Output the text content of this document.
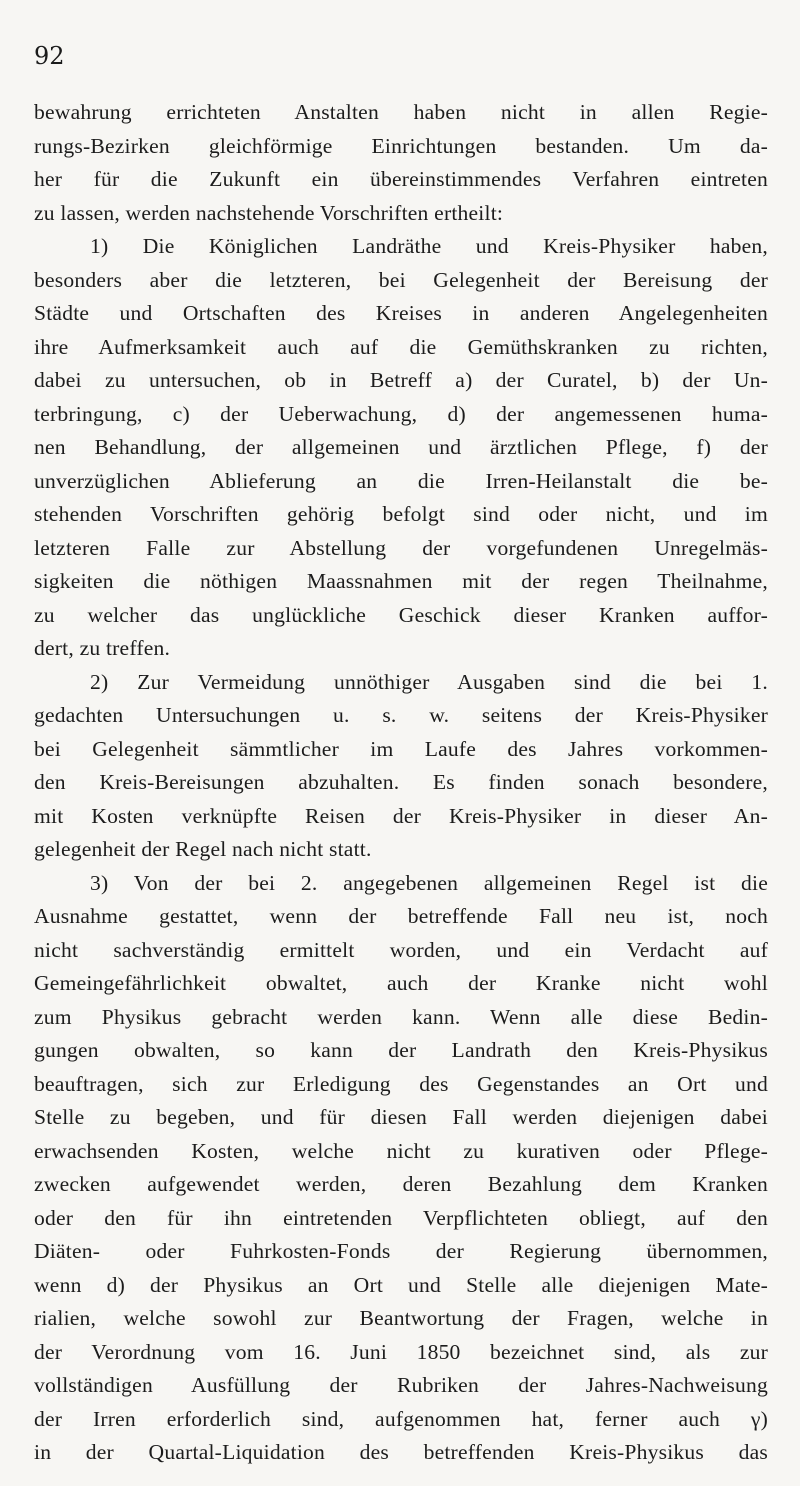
92
bewahrung errichteten Anstalten haben nicht in allen Regie-
rungs-Bezirken gleichförmige Einrichtungen bestanden. Um da-
her für die Zukunft ein übereinstimmendes Verfahren eintreten
zu lassen, werden nachstehende Vorschriften ertheilt:
1) Die Königlichen Landräthe und Kreis-Physiker haben,
besonders aber die letzteren, bei Gelegenheit der Bereisung der
Städte und Ortschaften des Kreises in anderen Angelegenheiten
ihre Aufmerksamkeit auch auf die Gemüthskranken zu richten,
dabei zu untersuchen, ob in Betreff a) der Curatel, b) der Un-
terbringung, c) der Ueberwachung, d) der angemessenen huma-
nen Behandlung, der allgemeinen und ärztlichen Pflege, f) der
unverzüglichen Ablieferung an die Irren-Heilanstalt die be-
stehenden Vorschriften gehörig befolgt sind oder nicht, und im
letzteren Falle zur Abstellung der vorgefundenen Unregelmäs-
sigkeiten die nöthigen Maassnahmen mit der regen Theilnahme,
zu welcher das unglückliche Geschick dieser Kranken auffor-
dert, zu treffen.
2) Zur Vermeidung unnöthiger Ausgaben sind die bei 1.
gedachten Untersuchungen u. s. w. seitens der Kreis-Physiker
bei Gelegenheit sämmtlicher im Laufe des Jahres vorkommen-
den Kreis-Bereisungen abzuhalten. Es finden sonach besondere,
mit Kosten verknüpfte Reisen der Kreis-Physiker in dieser An-
gelegenheit der Regel nach nicht statt.
3) Von der bei 2. angegebenen allgemeinen Regel ist die
Ausnahme gestattet, wenn der betreffende Fall neu ist, noch
nicht sachverständig ermittelt worden, und ein Verdacht auf
Gemeingefährlichkeit obwaltet, auch der Kranke nicht wohl
zum Physikus gebracht werden kann. Wenn alle diese Bedin-
gungen obwalten, so kann der Landrath den Kreis-Physikus
beauftragen, sich zur Erledigung des Gegenstandes an Ort und
Stelle zu begeben, und für diesen Fall werden diejenigen dabei
erwachsenden Kosten, welche nicht zu kurativen oder Pflege-
zwecken aufgewendet werden, deren Bezahlung dem Kranken
oder den für ihn eintretenden Verpflichteten obliegt, auf den
Diäten- oder Fuhrkosten-Fonds der Regierung übernommen,
wenn d) der Physikus an Ort und Stelle alle diejenigen Mate-
rialien, welche sowohl zur Beantwortung der Fragen, welche in
der Verordnung vom 16. Juni 1850 bezeichnet sind, als zur
vollständigen Ausfüllung der Rubriken der Jahres-Nachweisung
der Irren erforderlich sind, aufgenommen hat, ferner auch γ)
in der Quartal-Liquidation des betreffenden Kreis-Physikus das
